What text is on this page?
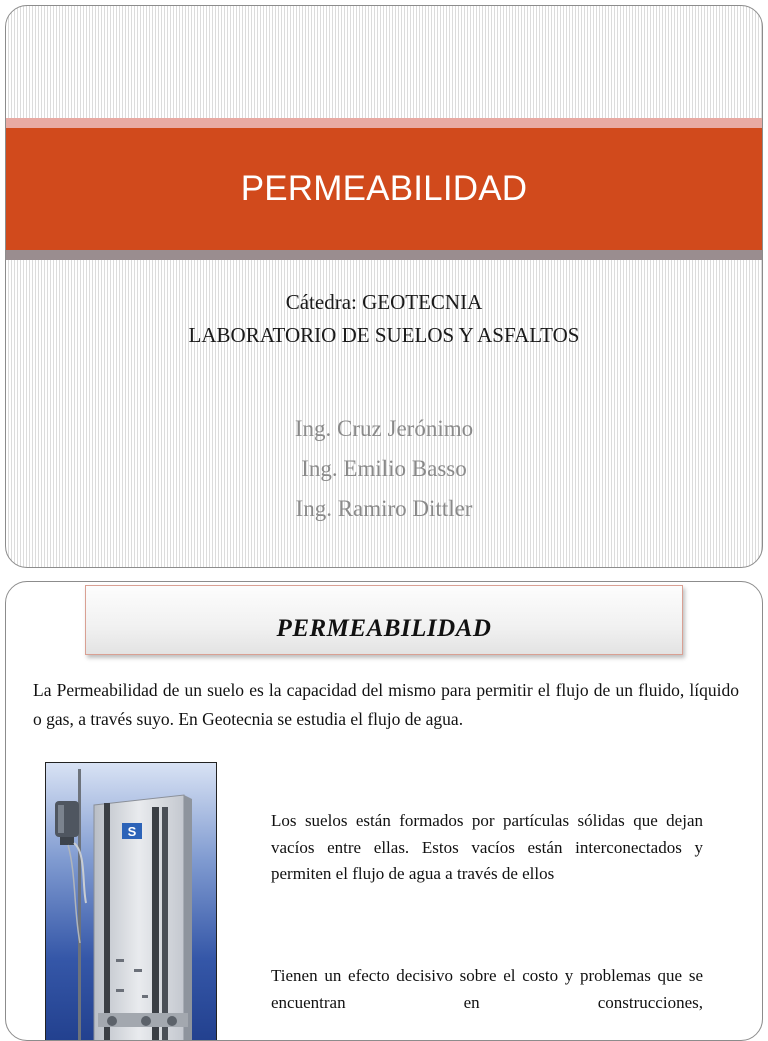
PERMEABILIDAD
Cátedra: GEOTECNIA
LABORATORIO DE SUELOS Y ASFALTOS
Ing. Cruz Jerónimo
Ing. Emilio Basso
Ing. Ramiro Dittler
PERMEABILIDAD
La Permeabilidad de un suelo es la capacidad del mismo para permitir el flujo de un fluido, líquido o gas, a través suyo. En Geotecnia se estudia el flujo de agua.
S
Los suelos están formados por partículas sólidas que dejan vacíos entre ellas. Estos vacíos están interconectados y permiten el flujo de agua a través de ellos
Tienen un efecto decisivo sobre el costo y problemas que se encuentran en construcciones,
